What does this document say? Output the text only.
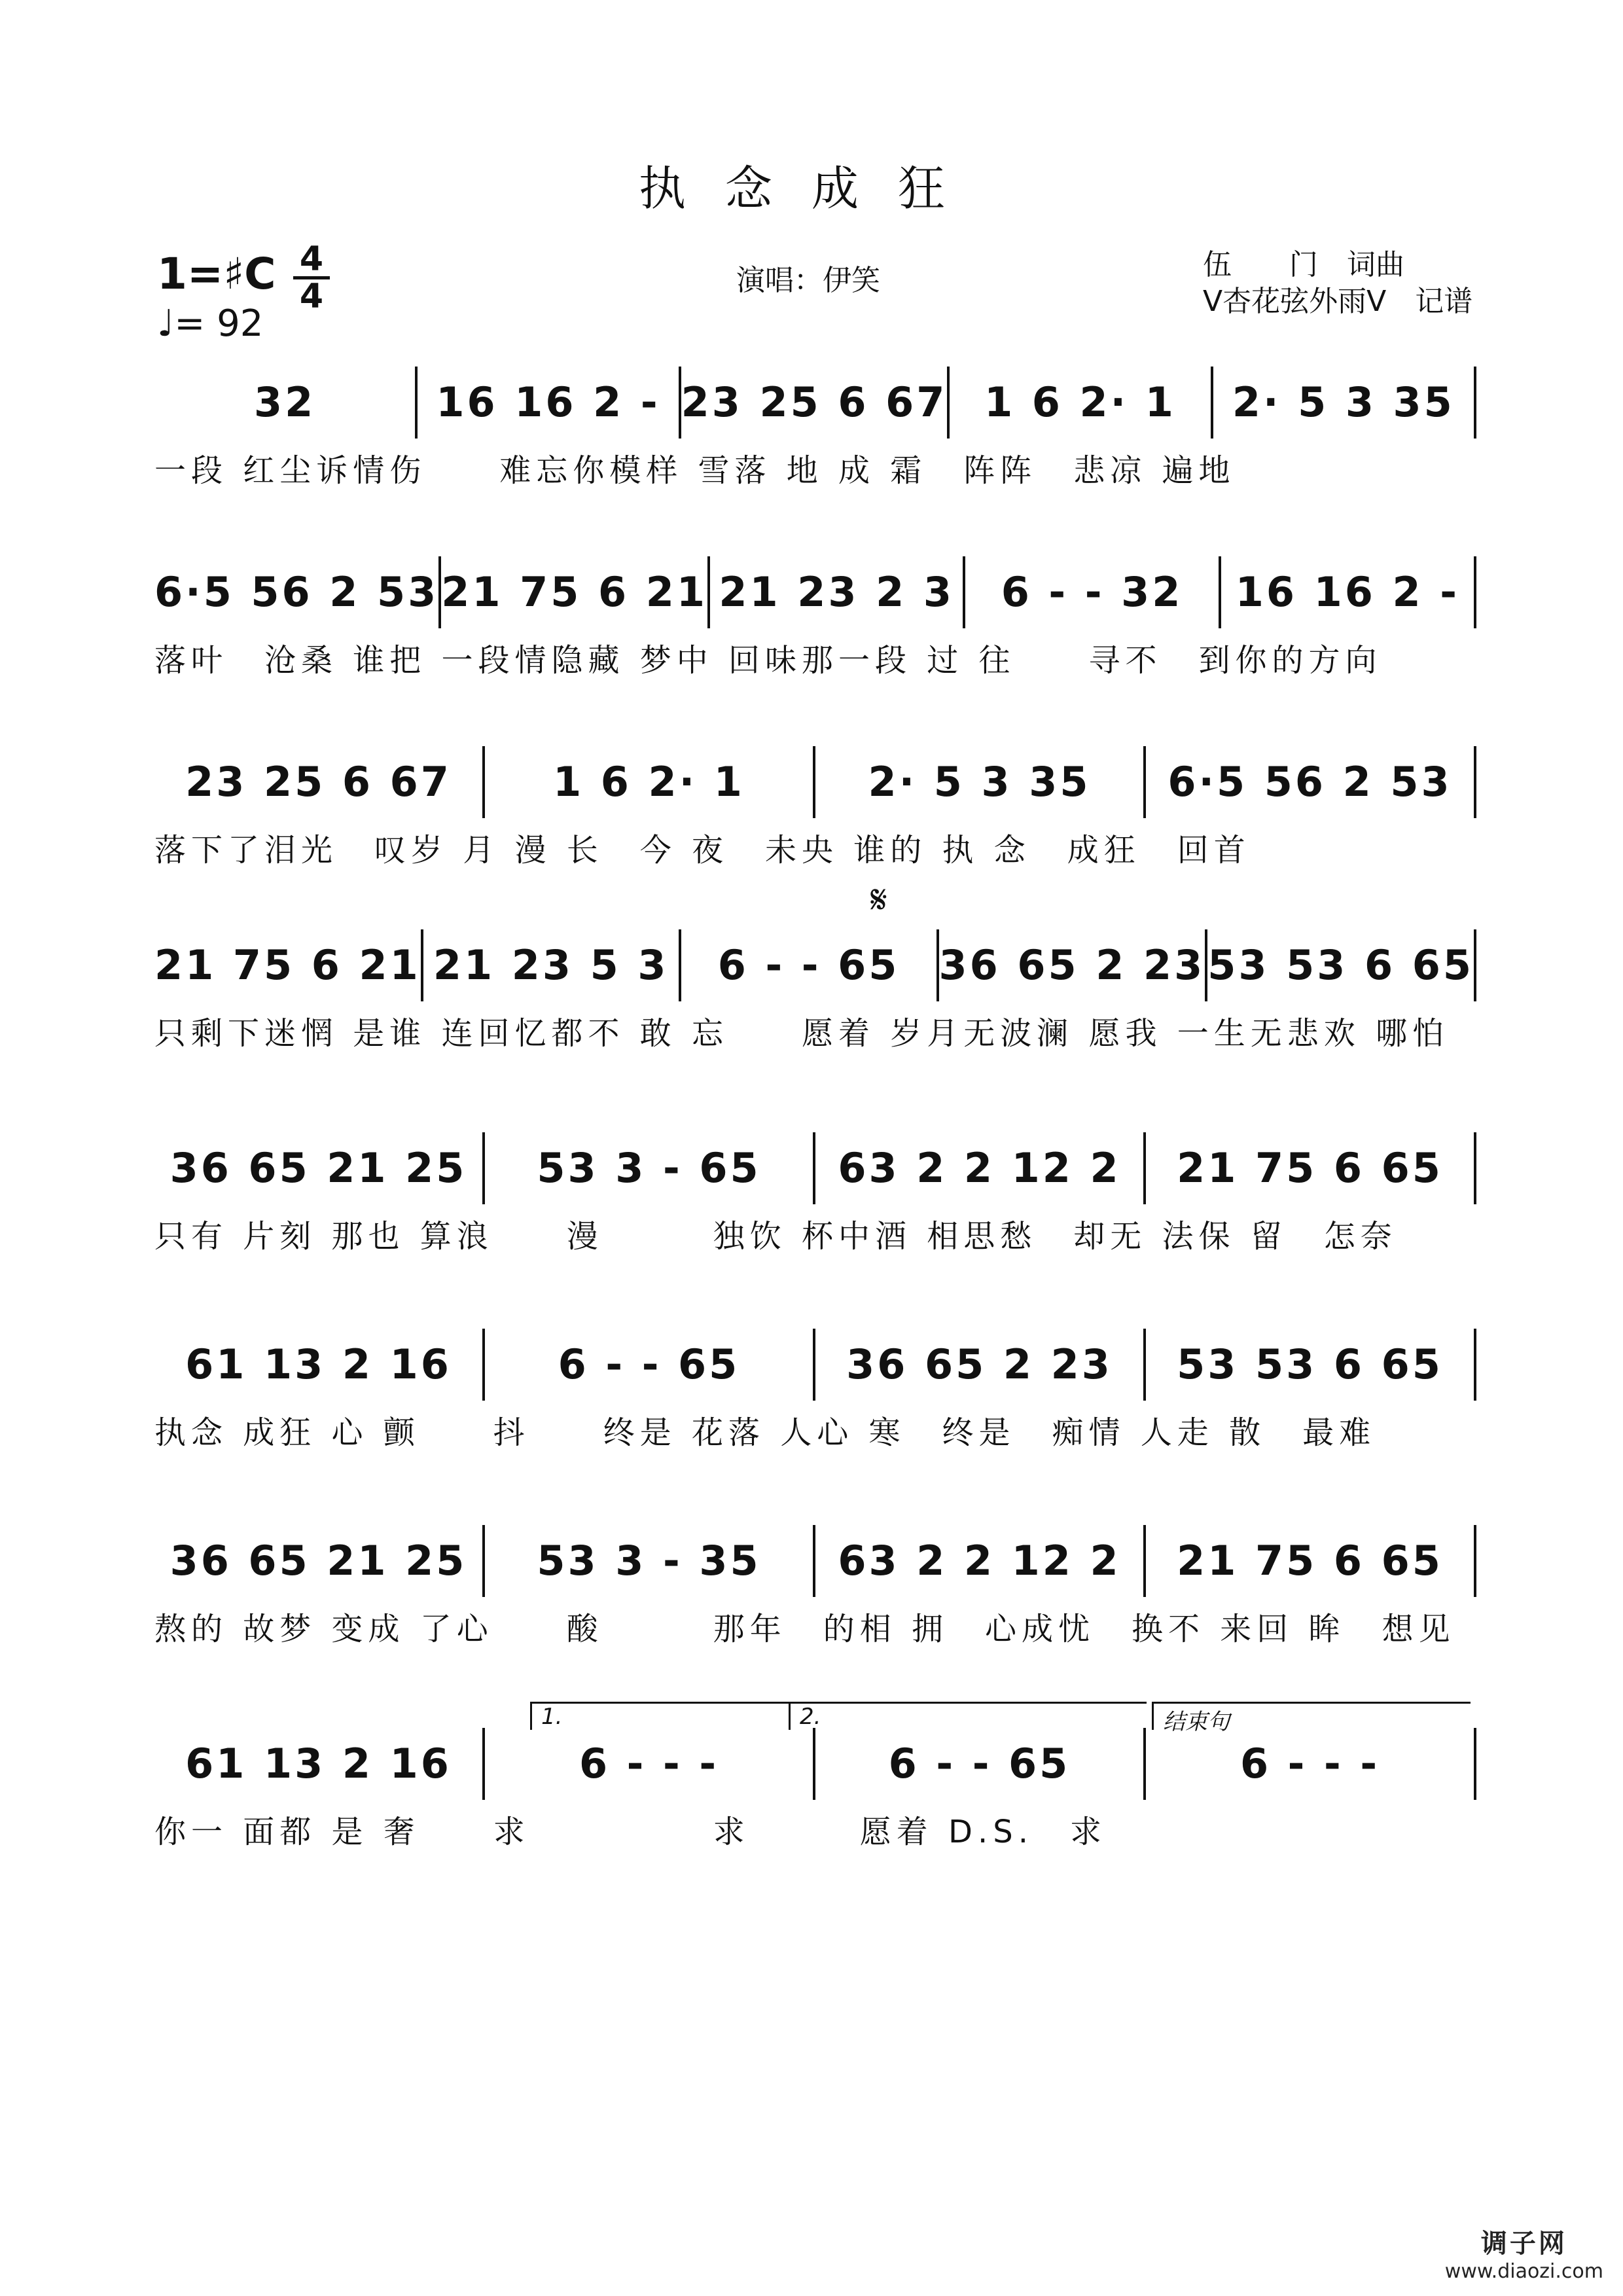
执念成狂
1=♯C 4
4
♩= 92
演唱：伊笑	伍　　门　词曲
V杏花弦外雨V　记谱
𝄋
32	16 16 2 - 23 25 6 67 1 6 2· 1	2· 5 3 35
一段 红尘诉情伤　　难忘你模样 雪落 地 成 霜　阵阵　悲凉 遍地
6·5 56 2 53 21 75 6 21 21 23 2 3	6 - - 32	16 16 2 -
落叶　沧桑 谁把 一段情隐藏 梦中 回味那一段 过 往　　寻不　到你的方向
23 25 6 67	1 6 2· 1	2· 5 3 35	6·5 56 2 53
落下了泪光　叹岁 月 漫 长　今 夜　未央 谁的 执 念　成狂　回首
21 75 6 21 21 23 5 3	6 - - 65 36 65 2 23 53 53 6 65
只剩下迷惘 是谁 连回忆都不 敢 忘　　愿着 岁月无波澜 愿我 一生无悲欢 哪怕
36 65 21 25	53 3 - 65	63 2 2 12 2	21 75 6 65
只有 片刻 那也 算浪　　漫　　　独饮 杯中酒 相思愁　却无 法保 留　怎奈
61 13 2 16	6 - - 65	36 65 2 23	53 53 6 65
执念 成狂 心 颤　　抖　　终是 花落 人心 寒　终是　痴情 人走 散　最难
36 65 21 25	53 3 - 35	63 2 2 12 2	21 75 6 65
熬的 故梦 变成 了心　　酸　　　那年　的相 拥　心成忧　换不 来回 眸　想见
61 13 2 16	6 - - -	6 - - 65	6 - - -
你一 面都 是 奢　　求　　　　　求　　　愿着 D.S.　求
1.	2.	结束句
调子网
www.diaozi.com
